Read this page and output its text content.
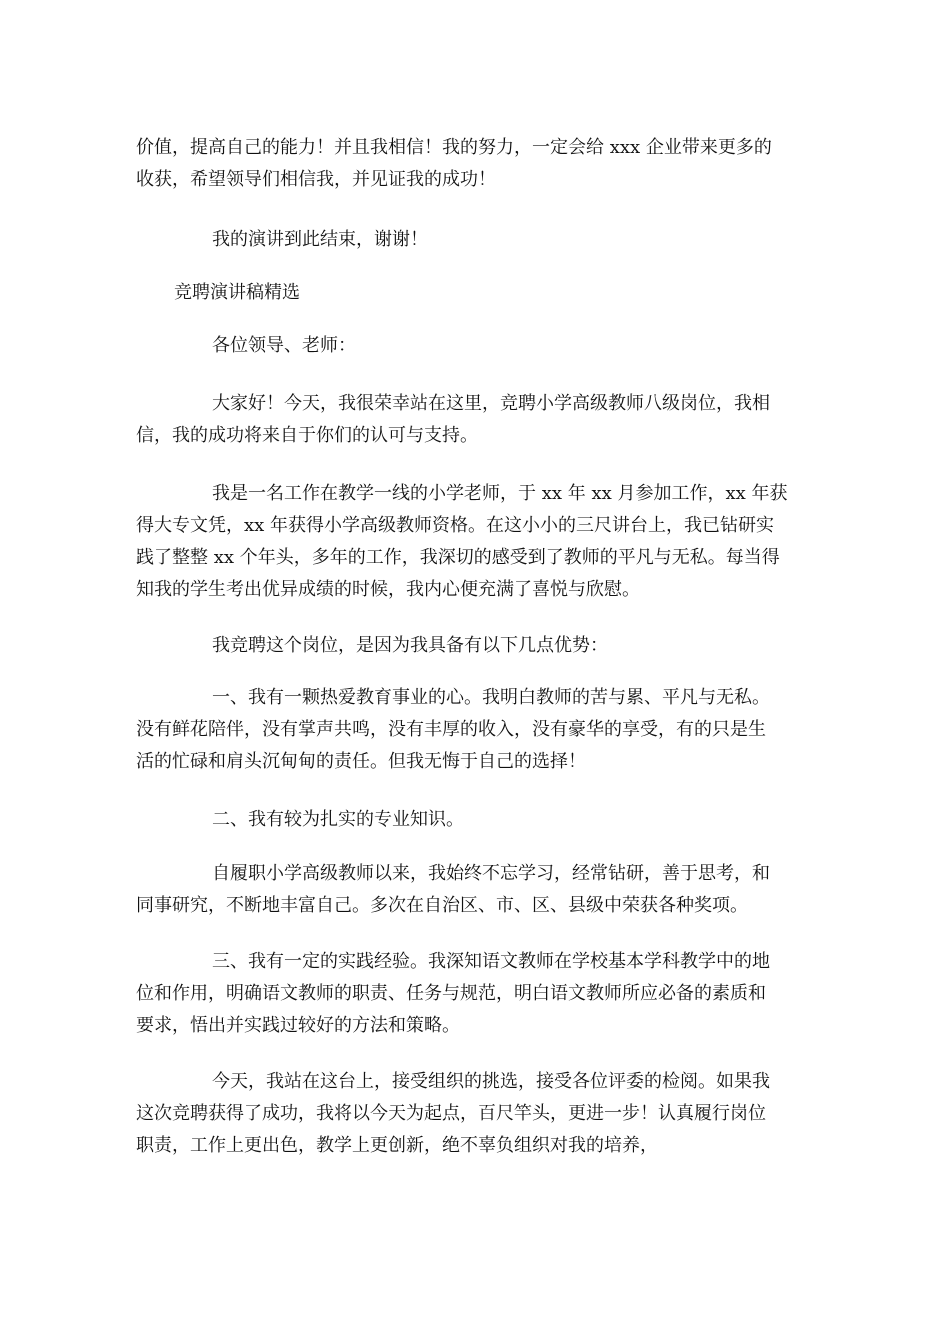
价值，提高自己的能力！并且我相信！我的努力，一定会给 xxx 企业带来更多的
收获，希望领导们相信我，并见证我的成功！
我的演讲到此结束，谢谢！
竞聘演讲稿精选
各位领导、老师：
大家好！今天，我很荣幸站在这里，竞聘小学高级教师八级岗位，我相
信，我的成功将来自于你们的认可与支持。
我是一名工作在教学一线的小学老师，于 xx 年 xx 月参加工作，xx 年获
得大专文凭，xx 年获得小学高级教师资格。在这小小的三尺讲台上，我已钻研实
践了整整 xx 个年头，多年的工作，我深切的感受到了教师的平凡与无私。每当得
知我的学生考出优异成绩的时候，我内心便充满了喜悦与欣慰。
我竞聘这个岗位，是因为我具备有以下几点优势：
一、我有一颗热爱教育事业的心。我明白教师的苦与累、平凡与无私。
没有鲜花陪伴，没有掌声共鸣，没有丰厚的收入，没有豪华的享受，有的只是生
活的忙碌和肩头沉甸甸的责任。但我无悔于自己的选择！
二、我有较为扎实的专业知识。
自履职小学高级教师以来，我始终不忘学习，经常钻研，善于思考，和
同事研究，不断地丰富自己。多次在自治区、市、区、县级中荣获各种奖项。
三、我有一定的实践经验。我深知语文教师在学校基本学科教学中的地
位和作用，明确语文教师的职责、任务与规范，明白语文教师所应必备的素质和
要求，悟出并实践过较好的方法和策略。
今天，我站在这台上，接受组织的挑选，接受各位评委的检阅。如果我
这次竞聘获得了成功，我将以今天为起点，百尺竿头，更进一步！认真履行岗位
职责，工作上更出色，教学上更创新，绝不辜负组织对我的培养，
